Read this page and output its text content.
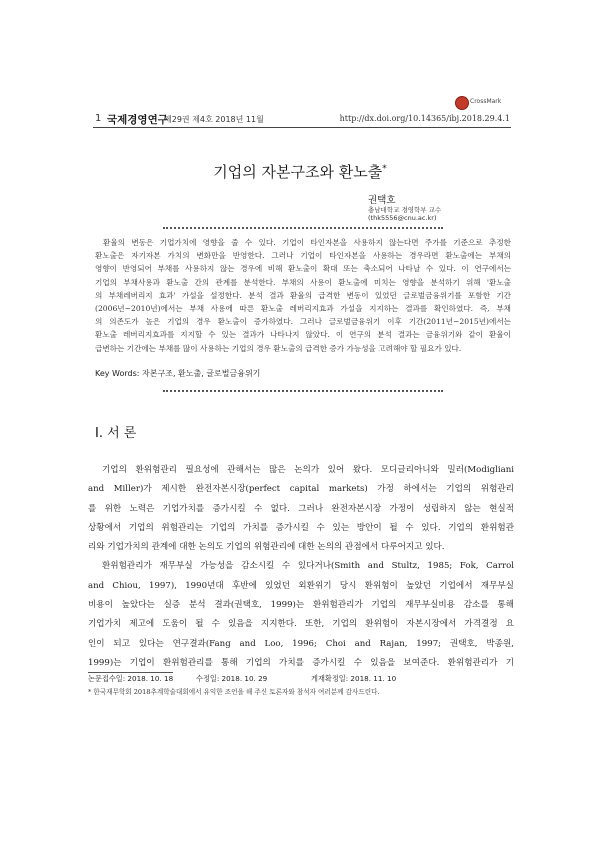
CrossMark
1 국제경영연구
제29권 제4호 2018년 11월	http://dx.doi.org/10.14365/ibj.2018.29.4.1
기업의 자본구조와 환노출*
권택호
충남대학교 경영학부 교수
(thk5556@cnu.ac.kr)
환율의 변동은 기업가치에 영향을 줄 수 있다. 기업이 타인자본을 사용하지 않는다면 주가를 기준으로 추정한
환노출은 자기자본 가치의 변화만을 반영한다. 그러나 기업이 타인자본을 사용하는 경우라면 환노출에는 부채의
영향이 반영되어 부채를 사용하지 않는 경우에 비해 환노출이 확대 또는 축소되어 나타날 수 있다. 이 연구에서는
기업의 부채사용과 환노출 간의 관계를 분석한다. 부채의 사용이 환노출에 미치는 영향을 분석하기 위해 '환노출
의 부채레버리지 효과' 가설을 설정한다. 분석 결과 환율의 급격한 변동이 있었던 글로벌금융위기를 포함한 기간
(2006년~2010년)에서는 부채 사용에 따른 환노출 레버리지효과 가설을 지지하는 결과를 확인하였다. 즉, 부채
의 의존도가 높은 기업의 경우 환노출이 증가하였다. 그러나 글로벌금융위기 이후 기간(2011년~2015년)에서는
환노출 레버리지효과를 지지할 수 있는 결과가 나타나지 않았다. 이 연구의 분석 결과는 금융위기와 같이 환율이
급변하는 기간에는 부채를 많이 사용하는 기업의 경우 환노출의 급격한 증가 가능성을 고려해야 할 필요가 있다.
Key Words: 자본구조, 환노출, 글로벌금융위기
Ⅰ. 서 론
기업의 환위험관리 필요성에 관해서는 많은 논의가 있어 왔다. 모디글리아니와 밀러(Modigliani
and Miller)가 제시한 완전자본시장(perfect capital markets) 가정 하에서는 기업의 위험관리
를 위한 노력은 기업가치를 증가시킬 수 없다. 그러나 완전자본시장 가정이 성립하지 않는 현실적
상황에서 기업의 위험관리는 기업의 가치를 증가시킬 수 있는 방안이 될 수 있다. 기업의 환위험관
리와 기업가치의 관계에 대한 논의도 기업의 위험관리에 대한 논의의 관점에서 다루어지고 있다.
환위험관리가 재무부실 가능성을 감소시킬 수 있다거나(Smith and Stultz, 1985; Fok, Carrol
and Chiou, 1997), 1990년대 후반에 있었던 외환위기 당시 환위험이 높았던 기업에서 재무부실
비용이 높았다는 실증 분석 결과(권택호, 1999)는 환위험관리가 기업의 재무부실비용 감소를 통해
기업가치 제고에 도움이 될 수 있음을 지지한다. 또한, 기업의 환위험이 자본시장에서 가격결정 요
인이 되고 있다는 연구결과(Fang and Loo, 1996; Choi and Rajan, 1997; 권택호, 박종원,
1999)는 기업이 환위험관리를 통해 기업의 가치를 증가시킬 수 있음을 보여준다. 환위험관리가 기
논문접수일: 2018. 10. 18	수정일: 2018. 10. 29	게재확정일: 2018. 11. 10
* 한국재무학회 2018추계학술대회에서 유익한 조언을 해 주신 토론자와 참석자 여러분께 감사드린다.
